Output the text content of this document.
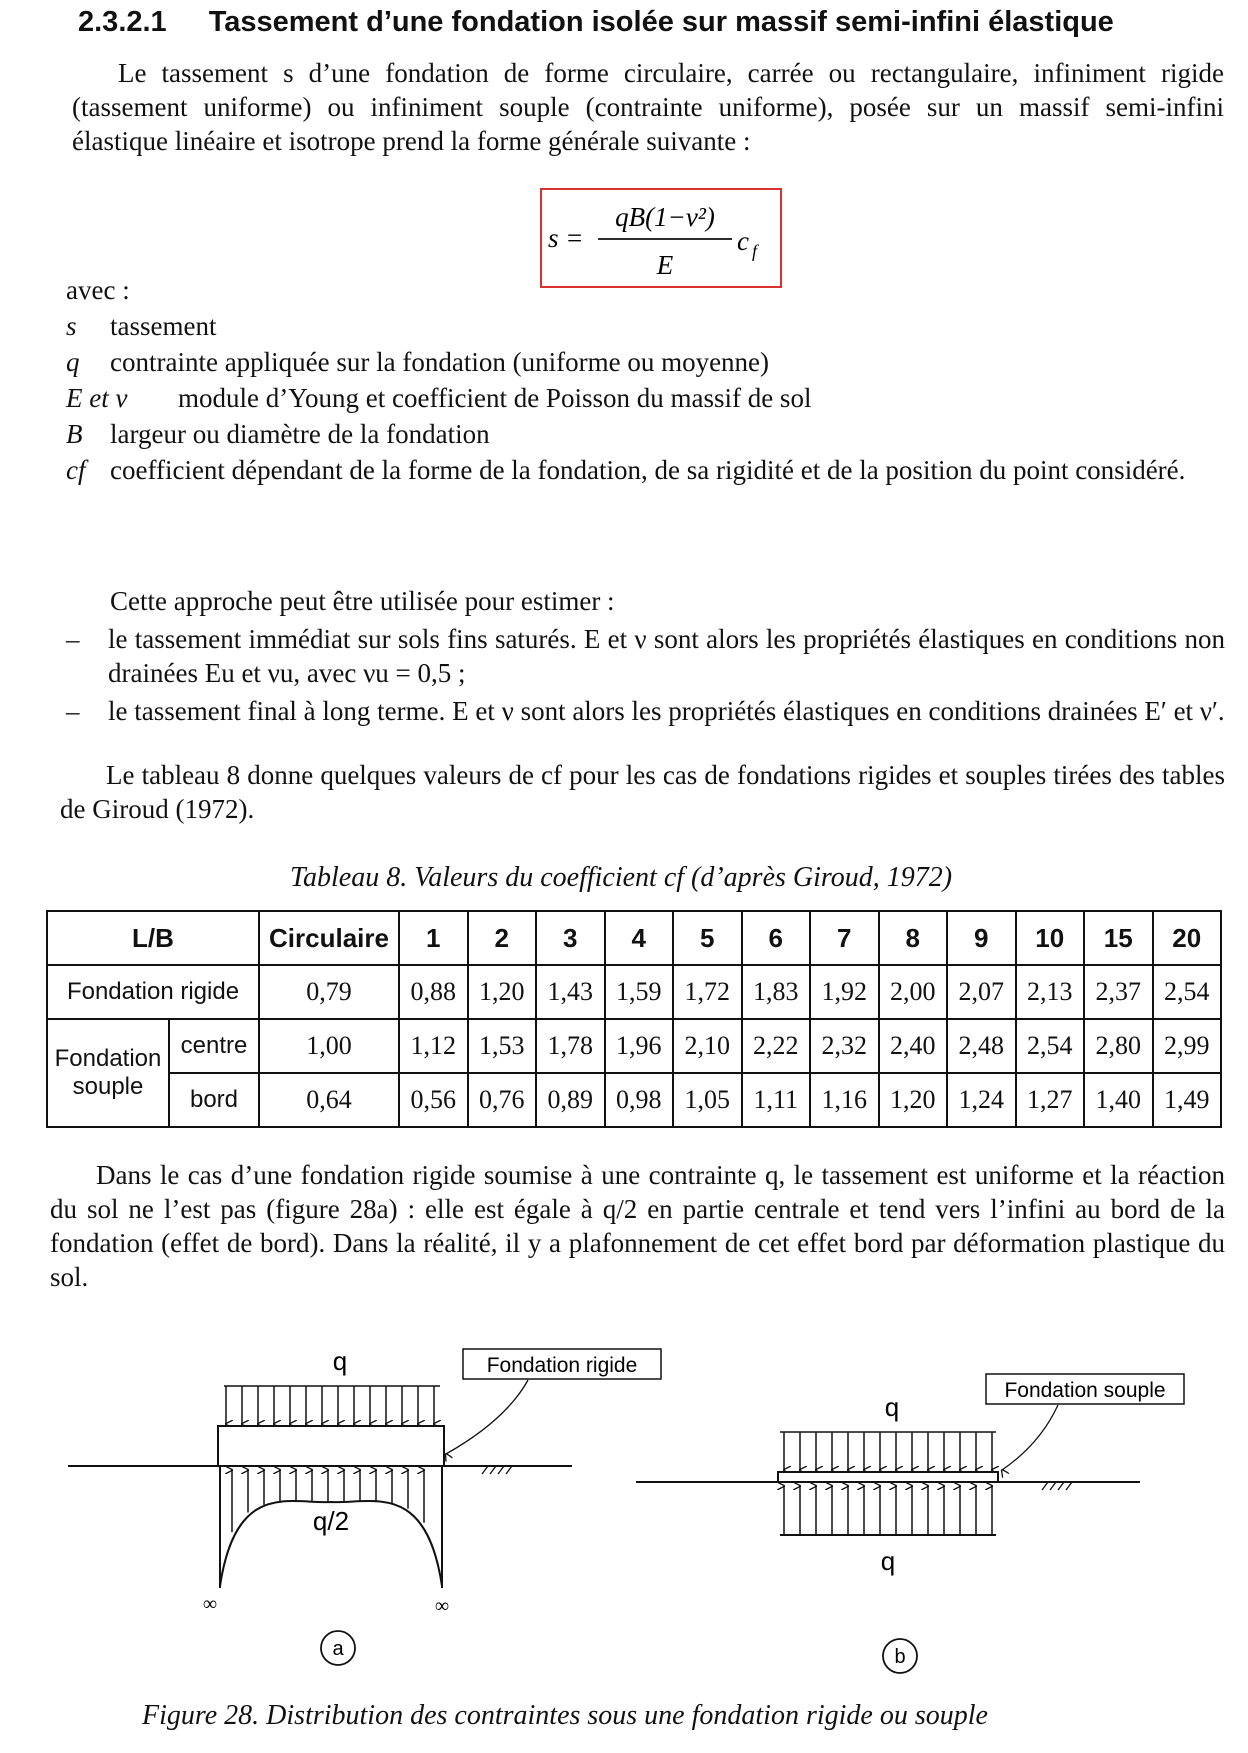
2.3.2.1 Tassement d’une fondation isolée sur massif semi-infini élastique
Le tassement s d’une fondation de forme circulaire, carrée ou rectangulaire, infiniment rigide (tassement uniforme) ou infiniment souple (contrainte uniforme), posée sur un massif semi-infini élastique linéaire et isotrope prend la forme générale suivante :
s =
qB(1−ν²)
E
c f
avec :
s tassement
q contrainte appliquée sur la fondation (uniforme ou moyenne)
E et ν module d’Young et coefficient de Poisson du massif de sol
B largeur ou diamètre de la fondation
cf coefficient dépendant de la forme de la fondation, de sa rigidité et de la position du point considéré.
Cette approche peut être utilisée pour estimer :
– le tassement immédiat sur sols fins saturés. E et ν sont alors les propriétés élastiques en conditions non drainées Eu et νu, avec νu = 0,5 ;
– le tassement final à long terme. E et ν sont alors les propriétés élastiques en conditions drainées E′ et ν′.
Le tableau 8 donne quelques valeurs de cf pour les cas de fondations rigides et souples tirées des tables de Giroud (1972).
Tableau 8. Valeurs du coefficient cf (d’après Giroud, 1972)
L/B		Circulaire	1	2	3	4	5	6	7	8	9	10	15	20
Fondation rigide		0,79	0,88	1,20	1,43	1,59	1,72	1,83	1,92	2,00	2,07	2,13	2,37	2,54
Fondation souple	centre	1,00	1,12	1,53	1,78	1,96	2,10	2,22	2,32	2,40	2,48	2,54	2,80	2,99
	bord	0,64	0,56	0,76	0,89	0,98	1,05	1,11	1,16	1,20	1,24	1,27	1,40	1,49
Dans le cas d’une fondation rigide soumise à une contrainte q, le tassement est uniforme et la réaction du sol ne l’est pas (figure 28a) : elle est égale à q/2 en partie centrale et tend vers l’infini au bord de la fondation (effet de bord). Dans la réalité, il y a plafonnement de cet effet bord par déformation plastique du sol.
q
q/2
∞	∞
Fondation rigide
a
q
q
Fondation souple
b
Figure 28. Distribution des contraintes sous une fondation rigide ou souple
